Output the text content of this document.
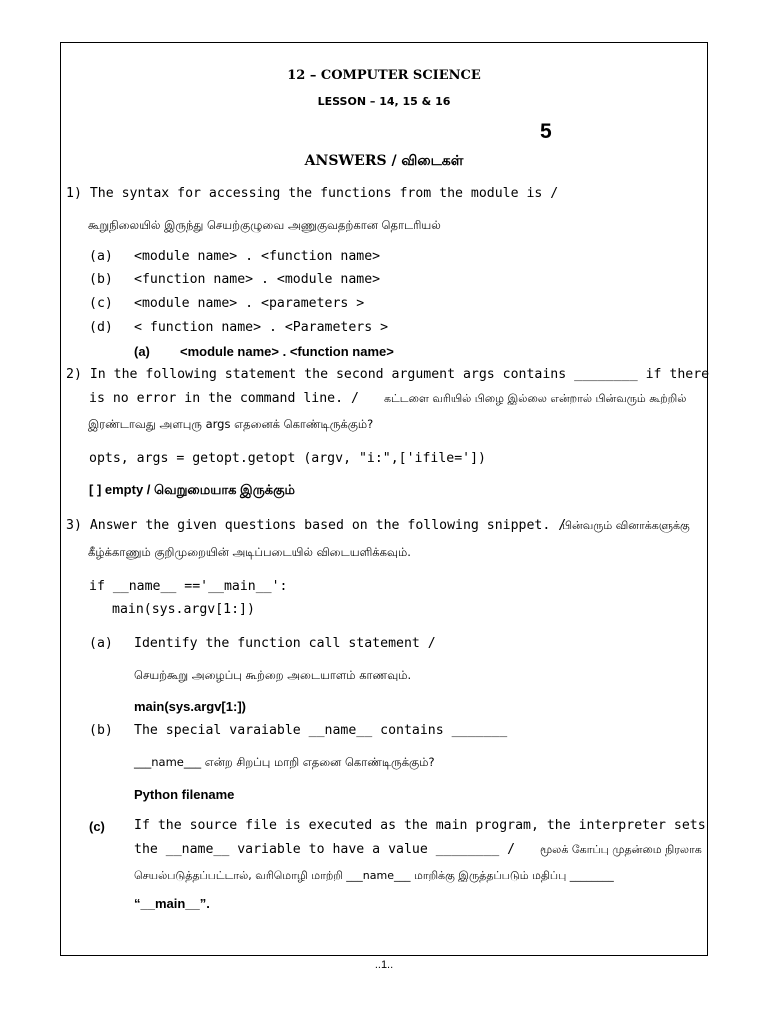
12 – COMPUTER SCIENCE
LESSON – 14, 15 & 16
5
ANSWERS / விடைகள்
1) The syntax for accessing the functions from the module is /
கூறுநிலையில் இருந்து செயற்குழுவை அணுகுவதற்கான தொடரியல்
(a) <module name> . <function name>
(b) <function name> . <module name>
(c) <module name> . <parameters >
(d) < function name> . <Parameters >
(a) <module name> . <function name>
2) In the following statement the second argument args contains ________ if there
is no error in the command line. / கட்டளை வரியில் பிழை இல்லை என்றால் பின்வரும் கூற்றில்
இரண்டாவது அளபுரு args எதனைக் கொண்டிருக்கும்?
opts, args = getopt.getopt (argv, "i:",['ifile='])
[ ] empty / வெறுமையாக இருக்கும்
3) Answer the given questions based on the following snippet. /
பின்வரும் வினாக்களுக்கு
கீழ்க்காணும் குறிமுறையின் அடிப்படையில் விடையளிக்கவும்.
if __name__ =='__main__':
main(sys.argv[1:])
(a) Identify the function call statement /
செயற்கூறு அழைப்பு கூற்றை அடையாளம் காணவும்.
main(sys.argv[1:])
(b) The special varaiable __name__ contains _______
___name___ என்ற சிறப்பு மாறி எதனை கொண்டிருக்கும்?
Python filename
(c) If the source file is executed as the main program, the interpreter sets
the __name__ variable to have a value ________ / மூலக் கோப்பு முதன்மை நிரலாக
செயல்படுத்தப்பட்டால், வரிமொழி மாற்றி ___name___ மாறிக்கு இருத்தப்படும் மதிப்பு ________
“__main__”.
..1..
